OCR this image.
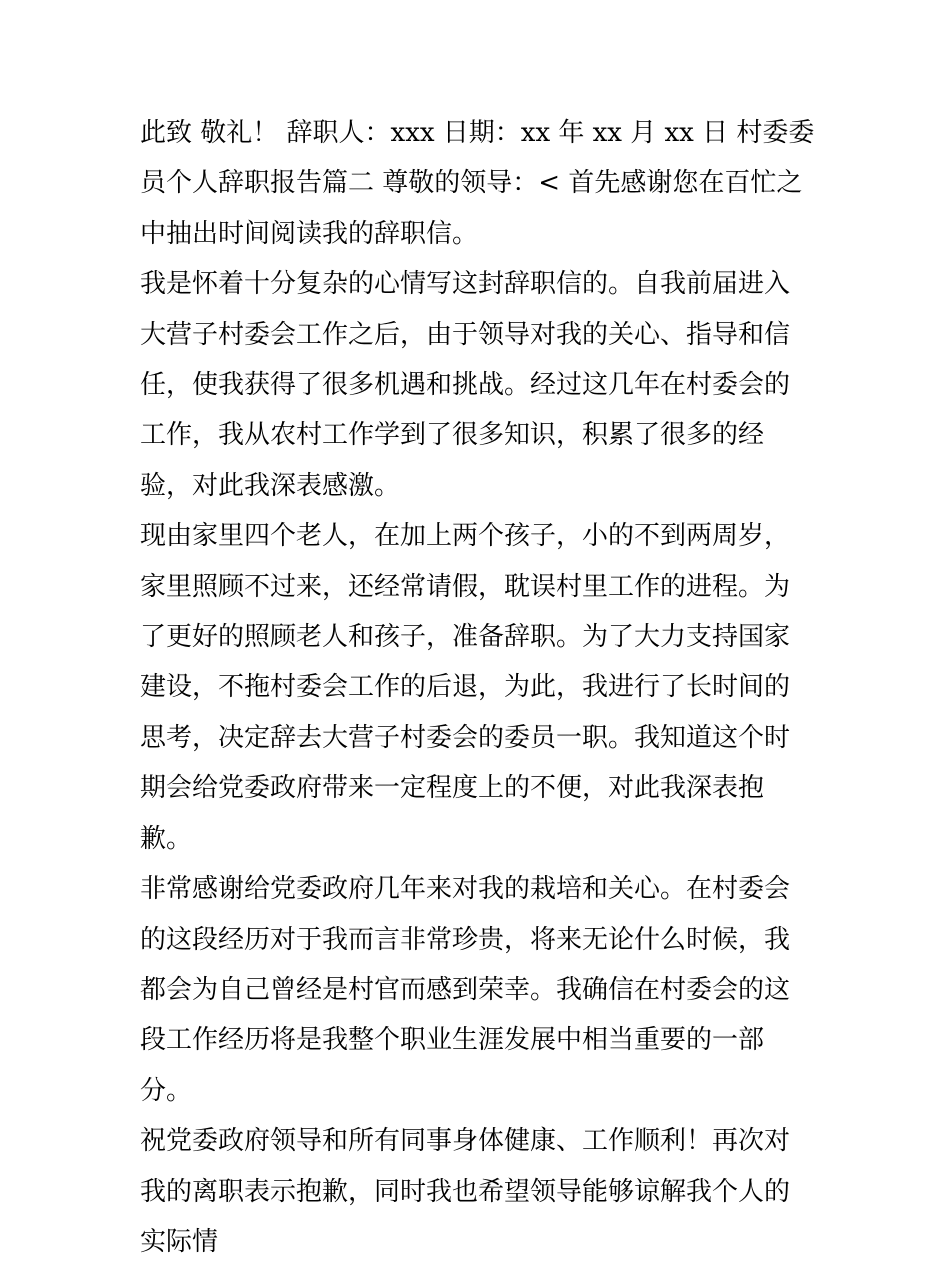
此致 敬礼！ 辞职人：xxx 日期：xx 年 xx 月 xx 日 村委委员个人辞职报告篇二 尊敬的领导：< 首先感谢您在百忙之中抽出时间阅读我的辞职信。

我是怀着十分复杂的心情写这封辞职信的。自我前届进入大营子村委会工作之后，由于领导对我的关心、指导和信任，使我获得了很多机遇和挑战。经过这几年在村委会的工作，我从农村工作学到了很多知识，积累了很多的经验，对此我深表感激。

现由家里四个老人，在加上两个孩子，小的不到两周岁，家里照顾不过来，还经常请假，耽误村里工作的进程。为了更好的照顾老人和孩子，准备辞职。为了大力支持国家建设，不拖村委会工作的后退，为此，我进行了长时间的思考，决定辞去大营子村委会的委员一职。我知道这个时期会给党委政府带来一定程度上的不便，对此我深表抱歉。

非常感谢给党委政府几年来对我的栽培和关心。在村委会的这段经历对于我而言非常珍贵，将来无论什么时候，我都会为自己曾经是村官而感到荣幸。我确信在村委会的这段工作经历将是我整个职业生涯发展中相当重要的一部分。

祝党委政府领导和所有同事身体健康、工作顺利！再次对我的离职表示抱歉，同时我也希望领导能够谅解我个人的实际情
